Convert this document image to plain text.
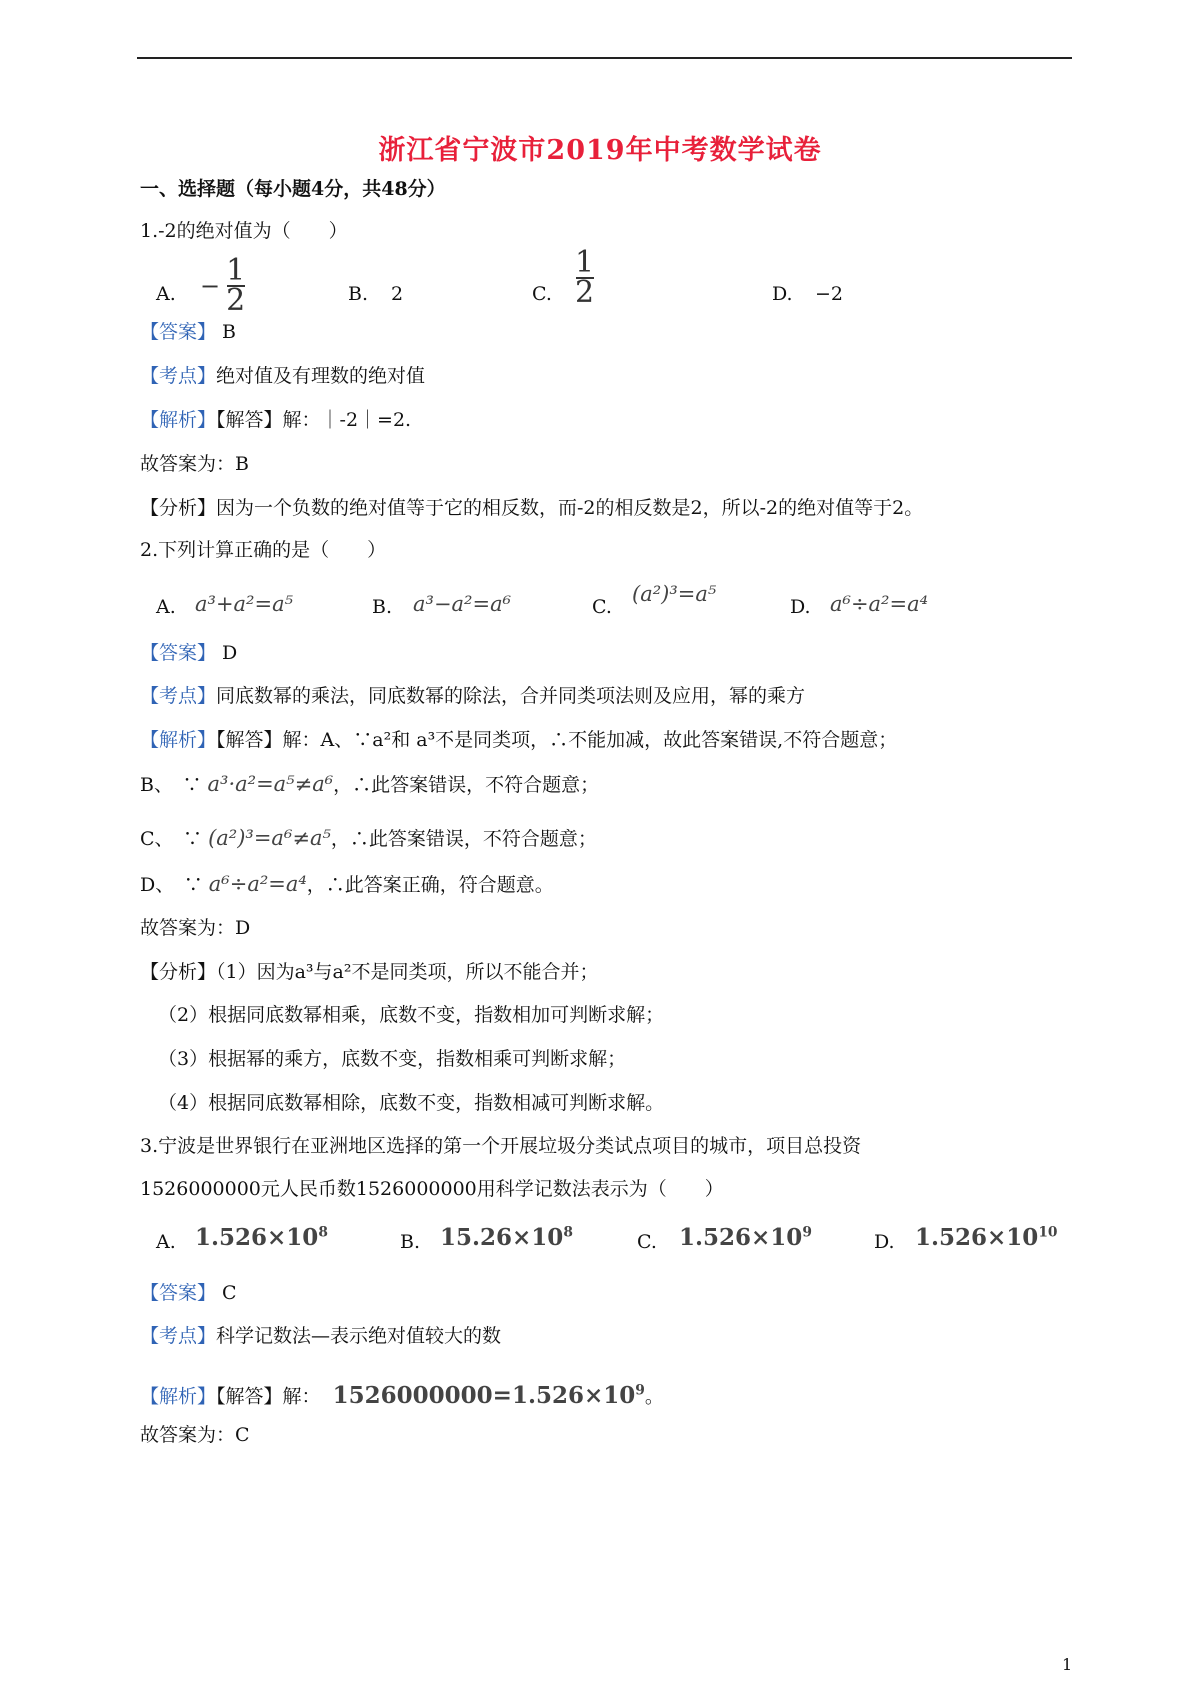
浙江省宁波市2019年中考数学试卷
一、选择题（每小题4分，共48分）
1.-2的绝对值为（　　）
A. − $\frac{1}{2}$	B. 2	C. $\frac{1}{2}$	D. −2
【答案】 B
【考点】绝对值及有理数的绝对值
【解析】【解答】解：｜-2｜=2.
故答案为：B
【分析】因为一个负数的绝对值等于它的相反数，而-2的相反数是2，所以-2的绝对值等于2。
2.下列计算正确的是（　　）
A. a³+a²=a⁵	B. a³−a²=a⁶	C.
(a²)³=a⁵
D. a⁶÷a²=a⁴
【答案】 D
【考点】同底数幂的乘法，同底数幂的除法，合并同类项法则及应用，幂的乘方
【解析】【解答】解：A、∵a²和 a³不是同类项，∴不能加减，故此答案错误,不符合题意；
B、　∵ a³·a²=a⁵≠a⁶，∴此答案错误，不符合题意；
C、　∵ (a²)³=a⁶≠a⁵，∴此答案错误，不符合题意；
D、　∵ a⁶÷a²=a⁴，∴此答案正确，符合题意。
故答案为：D
【分析】（1）因为a³与a²不是同类项，所以不能合并；
（2）根据同底数幂相乘，底数不变，指数相加可判断求解；
（3）根据幂的乘方，底数不变，指数相乘可判断求解；
（4）根据同底数幂相除，底数不变，指数相减可判断求解。
3.宁波是世界银行在亚洲地区选择的第一个开展垃圾分类试点项目的城市，项目总投资
1526000000元人民币数1526000000用科学记数法表示为（　　）
A. $1.526\times 10^8$	B. $15.26\times 10^8$	C. $1.526\times 10^9$	D. $1.526\times 10^{10}$
【答案】 C
【考点】科学记数法—表示绝对值较大的数
【解析】【解答】解： $1526000000=1.526\times 10^9$。
故答案为：C
1
